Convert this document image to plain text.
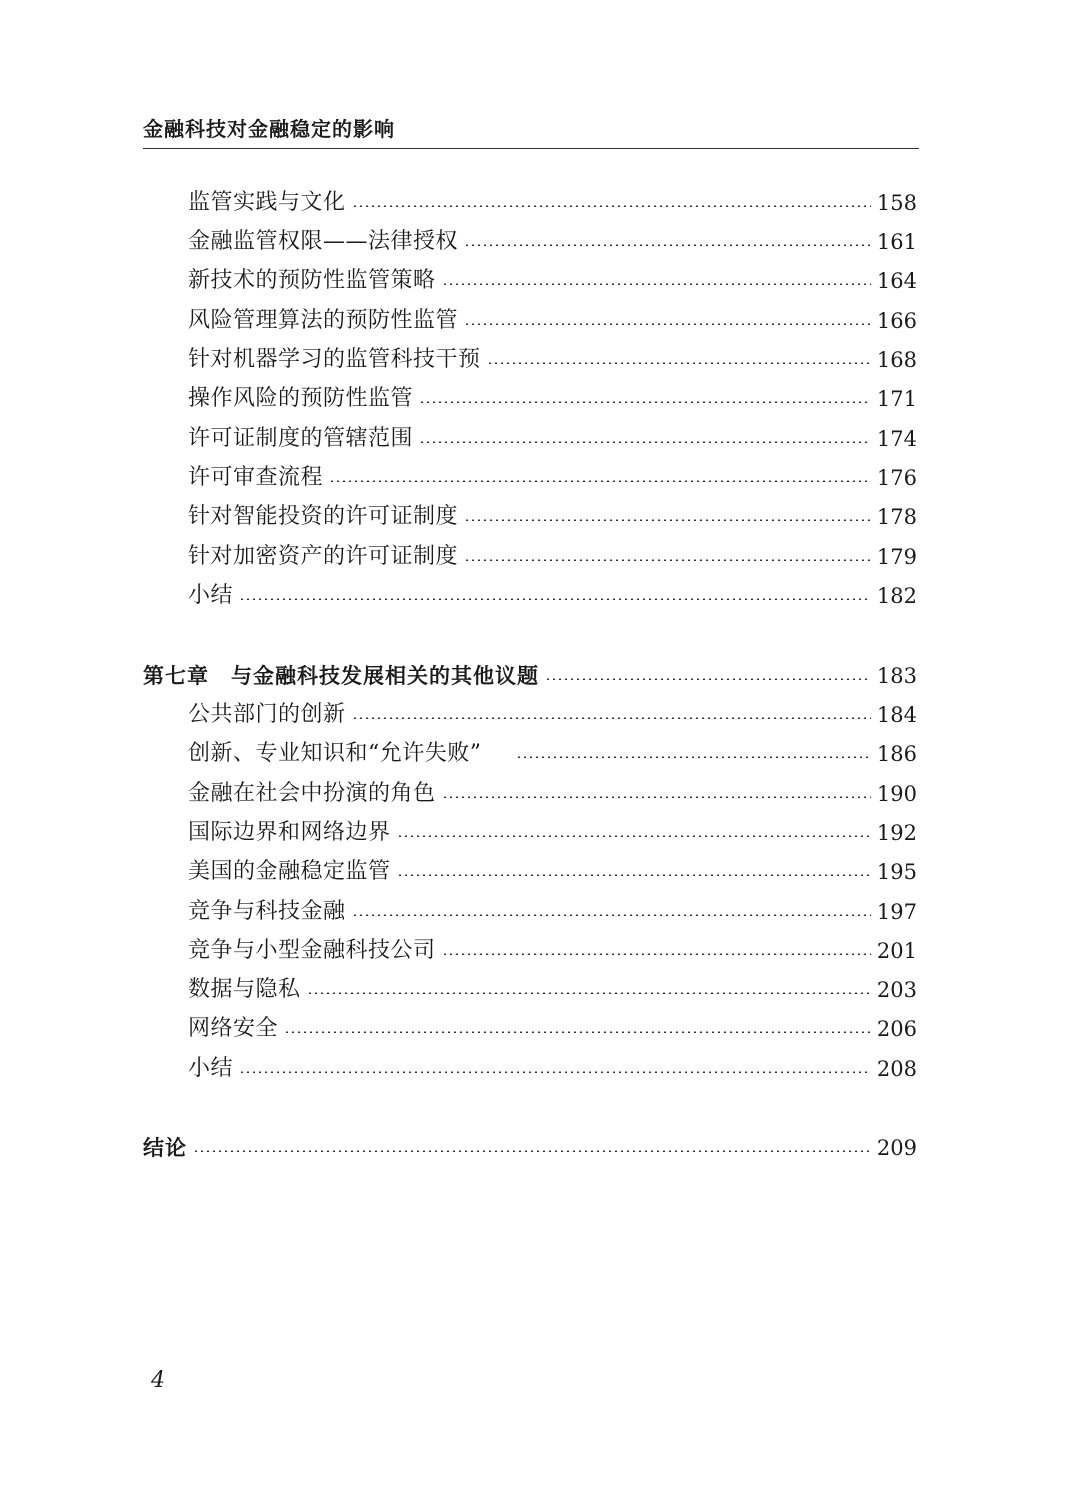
金融科技对金融稳定的影响
监管实践与文化	158
金融监管权限——法律授权	161
新技术的预防性监管策略	164
风险管理算法的预防性监管	166
针对机器学习的监管科技干预	168
操作风险的预防性监管	171
许可证制度的管辖范围	174
许可审查流程	176
针对智能投资的许可证制度	178
针对加密资产的许可证制度	179
小结	182
第七章　与金融科技发展相关的其他议题	183
公共部门的创新	184
创新、专业知识和“允许失败”	186
金融在社会中扮演的角色	190
国际边界和网络边界	192
美国的金融稳定监管	195
竞争与科技金融	197
竞争与小型金融科技公司	201
数据与隐私	203
网络安全	206
小结	208
结论	209
4
